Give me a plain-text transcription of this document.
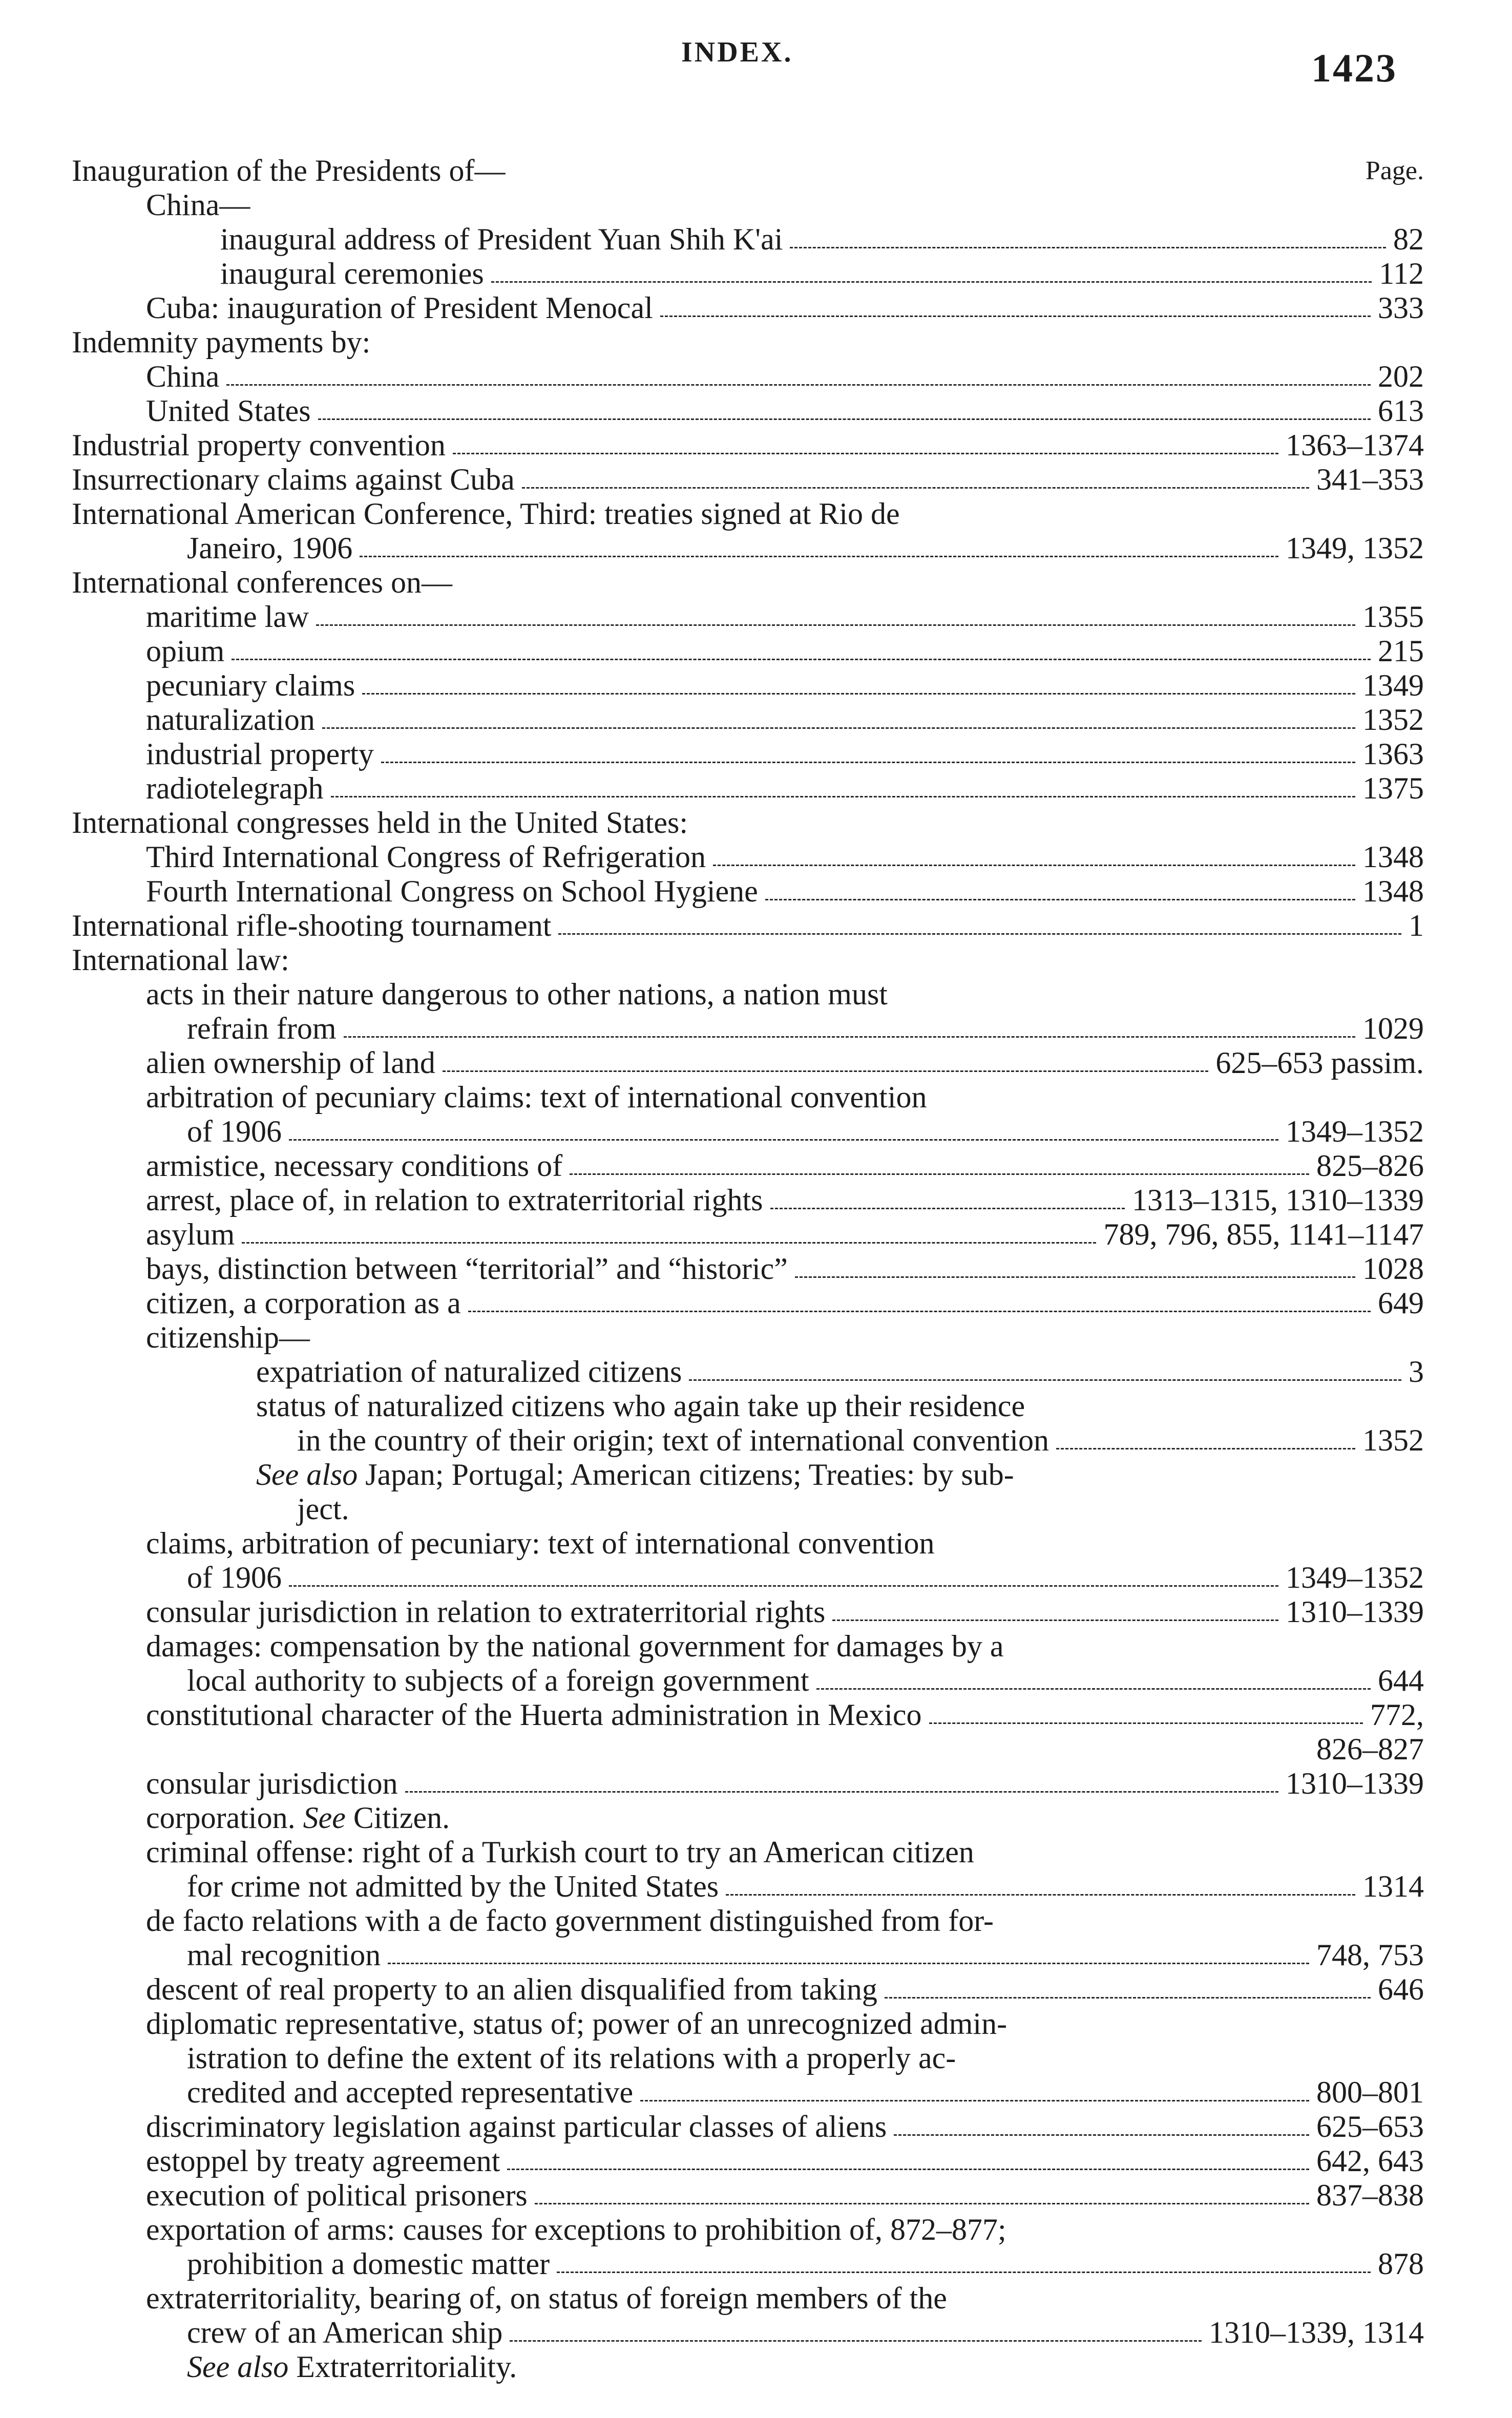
INDEX.	1423
Inauguration of the Presidents of—	Page.
China—
inaugural address of President Yuan Shih K'ai	82
inaugural ceremonies	112
Cuba: inauguration of President Menocal	333
Indemnity payments by:
China	202
United States	613
Industrial property convention	1363–1374
Insurrectionary claims against Cuba	341–353
International American Conference, Third: treaties signed at Rio de
Janeiro, 1906	1349, 1352
International conferences on—
maritime law	1355
opium	215
pecuniary claims	1349
naturalization	1352
industrial property	1363
radiotelegraph	1375
International congresses held in the United States:
Third International Congress of Refrigeration	1348
Fourth International Congress on School Hygiene	1348
International rifle-shooting tournament	1
International law:
acts in their nature dangerous to other nations, a nation must
refrain from	1029
alien ownership of land	625–653 passim.
arbitration of pecuniary claims: text of international convention
of 1906	1349–1352
armistice, necessary conditions of	825–826
arrest, place of, in relation to extraterritorial rights	1313–1315, 1310–1339
asylum	789, 796, 855, 1141–1147
bays, distinction between “territorial” and “historic”	1028
citizen, a corporation as a	649
citizenship—
expatriation of naturalized citizens	3
status of naturalized citizens who again take up their residence
in the country of their origin; text of international convention	1352
See also Japan; Portugal; American citizens; Treaties: by sub-
ject.
claims, arbitration of pecuniary: text of international convention
of 1906	1349–1352
consular jurisdiction in relation to extraterritorial rights	1310–1339
damages: compensation by the national government for damages by a
local authority to subjects of a foreign government	644
constitutional character of the Huerta administration in Mexico	772,
826–827
consular jurisdiction	1310–1339
corporation. See Citizen.
criminal offense: right of a Turkish court to try an American citizen
for crime not admitted by the United States	1314
de facto relations with a de facto government distinguished from for-
mal recognition	748, 753
descent of real property to an alien disqualified from taking	646
diplomatic representative, status of; power of an unrecognized admin-
istration to define the extent of its relations with a properly ac-
credited and accepted representative	800–801
discriminatory legislation against particular classes of aliens	625–653
estoppel by treaty agreement	642, 643
execution of political prisoners	837–838
exportation of arms: causes for exceptions to prohibition of, 872–877;
prohibition a domestic matter	878
extraterritoriality, bearing of, on status of foreign members of the
crew of an American ship	1310–1339, 1314
See also Extraterritoriality.
